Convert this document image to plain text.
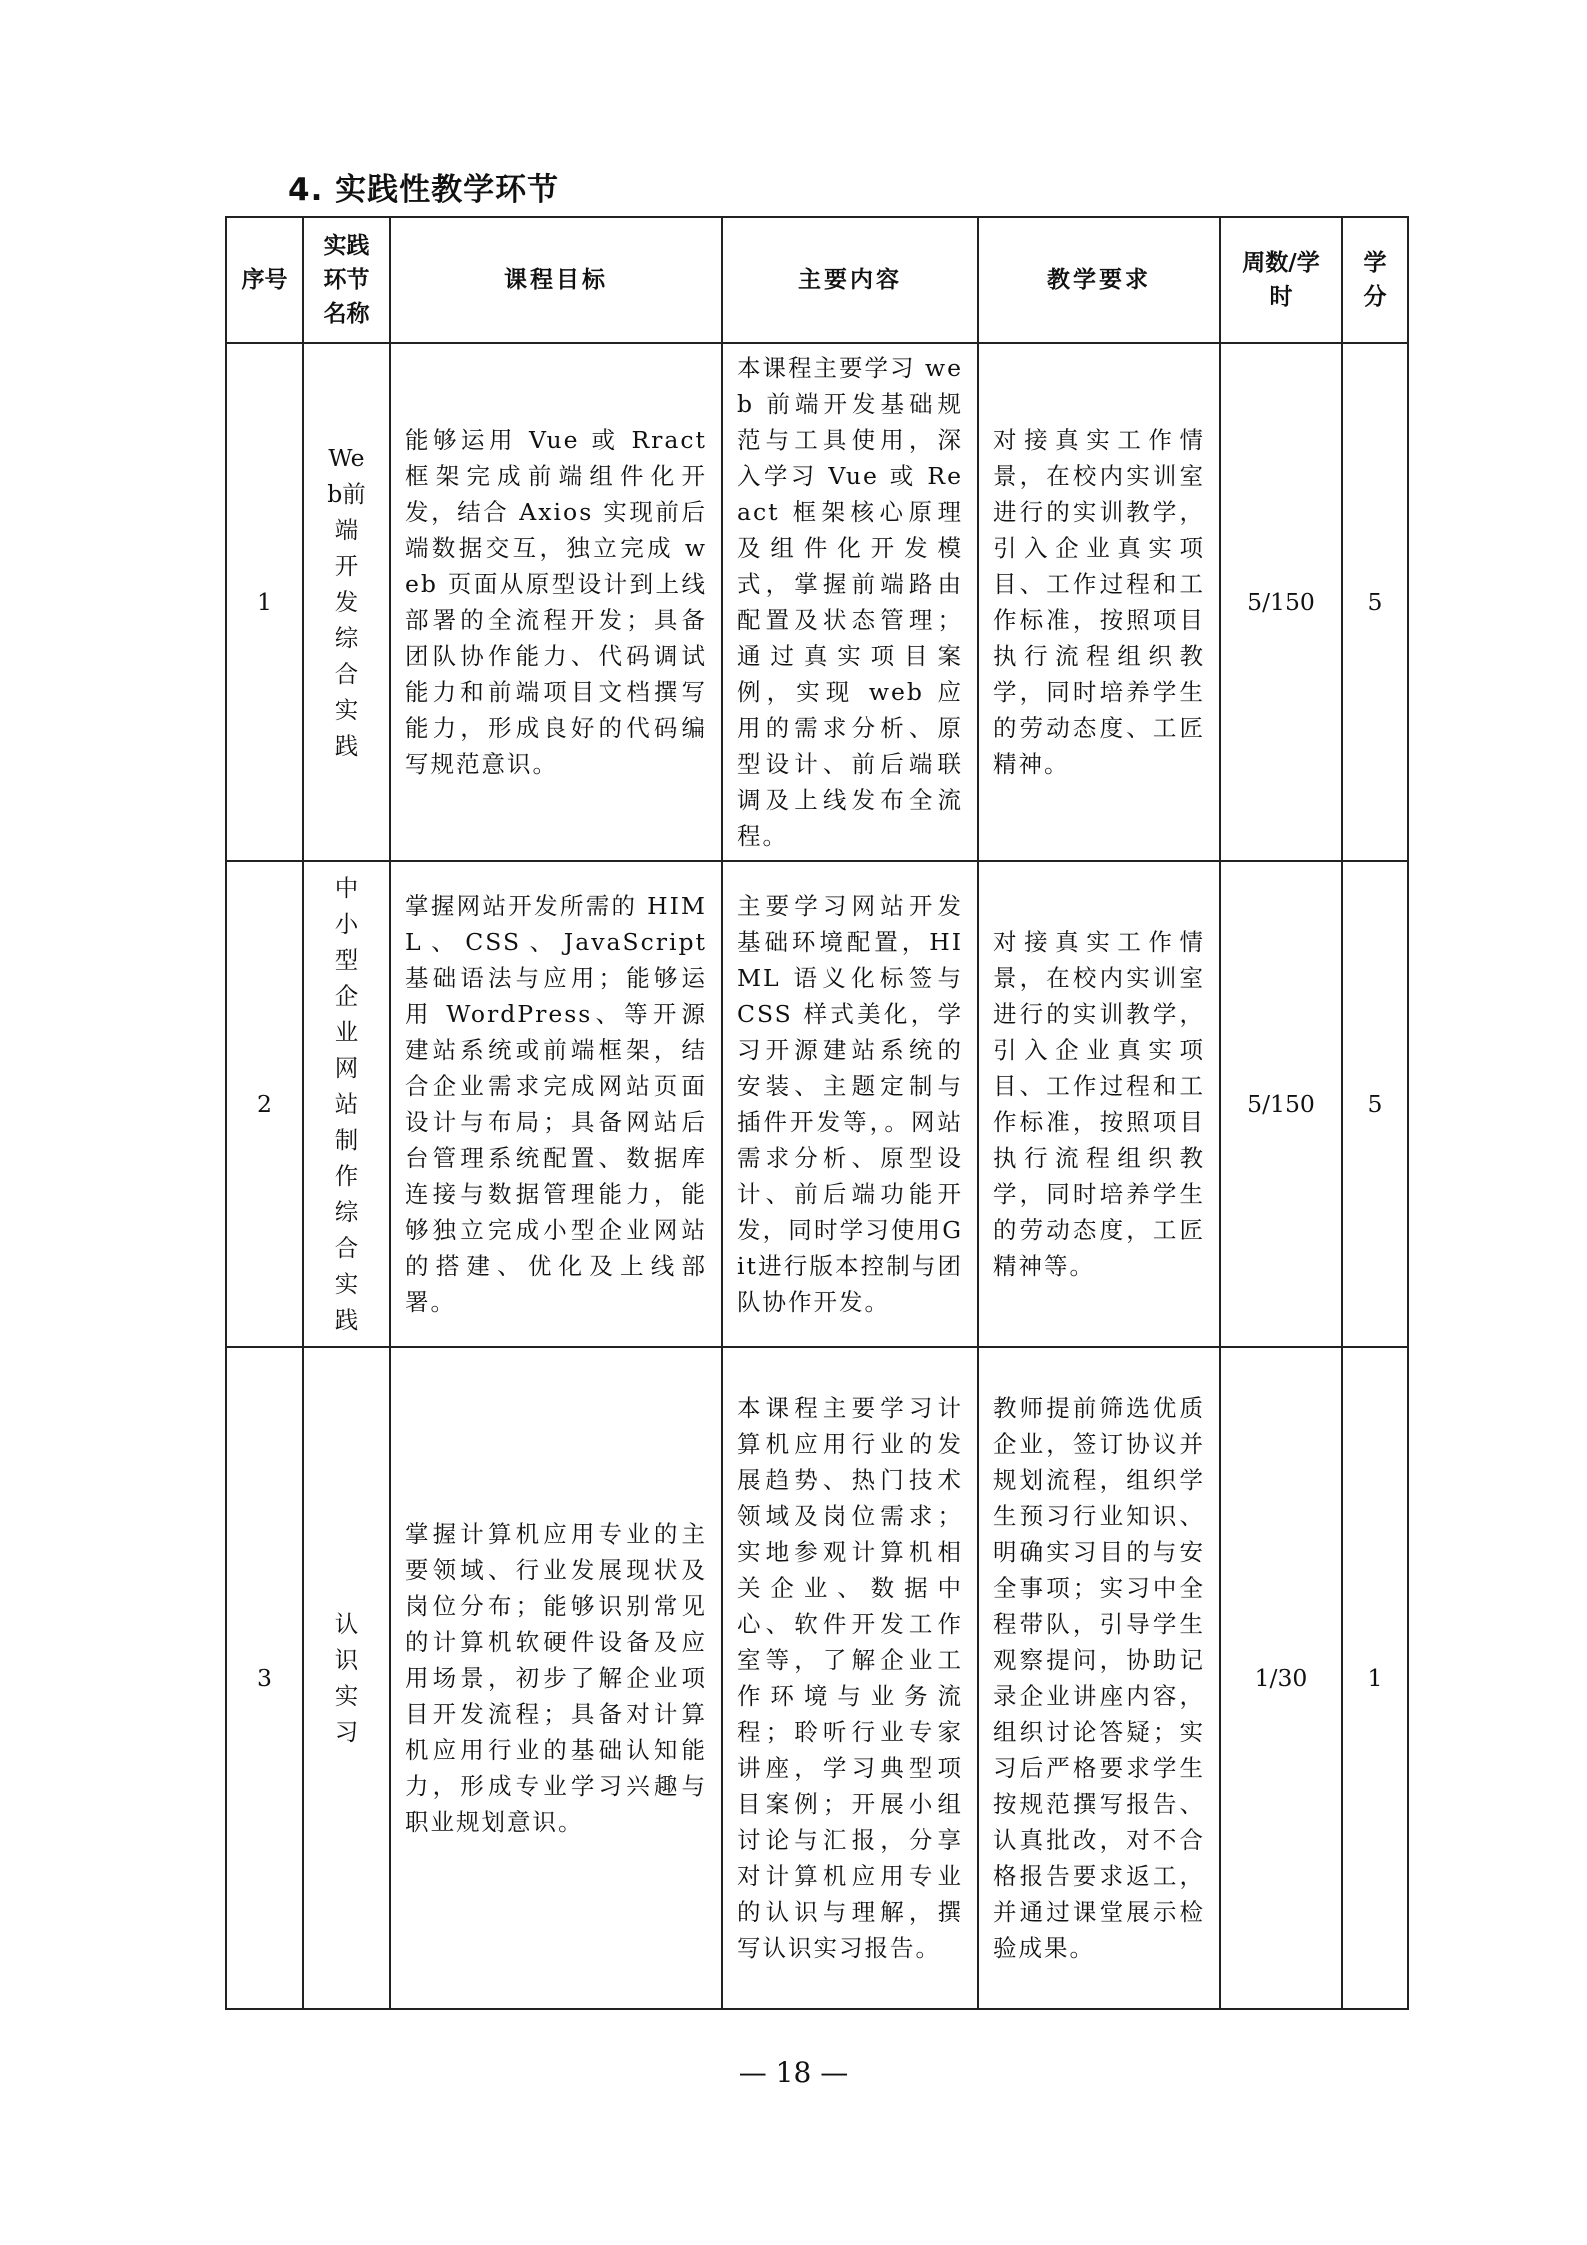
4. 实践性教学环节
序号	实践环节名称	课程目标	主要内容	教学要求	周数/学时	学分
1	Web前端开发综合实践	能够运用 Vue 或 Rract 框架完成前端组件化开发，结合 Axios 实现前后端数据交互，独立完成 web 页面从原型设计到上线部署的全流程开发；具备团队协作能力、代码调试能力和前端项目文档撰写能力，形成良好的代码编写规范意识。	本课程主要学习 web 前端开发基础规范与工具使用，深入学习 Vue 或 React 框架核心原理及组件化开发模式，掌握前端路由配置及状态管理；通过真实项目案例，实现 web 应用的需求分析、原型设计、前后端联调及上线发布全流程。	对接真实工作情景，在校内实训室进行的实训教学，引入企业真实项目、工作过程和工作标准，按照项目执行流程组织教学，同时培养学生的劳动态度、工匠精神。	5/150	5
2	中小型企业网站制作综合实践	掌握网站开发所需的 HIML、CSS、JavaScript 基础语法与应用；能够运用 WordPress、等开源建站系统或前端框架，结合企业需求完成网站页面设计与布局；具备网站后台管理系统配置、数据库连接与数据管理能力，能够独立完成小型企业网站的搭建、优化及上线部署。	主要学习网站开发基础环境配置，HIML 语义化标签与 CSS 样式美化，学习开源建站系统的安装、主题定制与插件开发等，。网站需求分析、原型设计、前后端功能开发，同时学习使用Git进行版本控制与团队协作开发。	对接真实工作情景，在校内实训室进行的实训教学，引入企业真实项目、工作过程和工作标准，按照项目执行流程组织教学，同时培养学生的劳动态度，工匠精神等。	5/150	5
3	认识实习	掌握计算机应用专业的主要领域、行业发展现状及岗位分布；能够识别常见的计算机软硬件设备及应用场景，初步了解企业项目开发流程；具备对计算机应用行业的基础认知能力，形成专业学习兴趣与职业规划意识。	本课程主要学习计算机应用行业的发展趋势、热门技术领域及岗位需求；实地参观计算机相关企业、数据中心、软件开发工作室等，了解企业工作环境与业务流程；聆听行业专家讲座，学习典型项目案例；开展小组讨论与汇报，分享对计算机应用专业的认识与理解，撰写认识实习报告。	教师提前筛选优质企业，签订协议并规划流程，组织学生预习行业知识、明确实习目的与安全事项；实习中全程带队，引导学生观察提问，协助记录企业讲座内容，组织讨论答疑；实习后严格要求学生按规范撰写报告、认真批改，对不合格报告要求返工，并通过课堂展示检验成果。	1/30	1
— 18 —
